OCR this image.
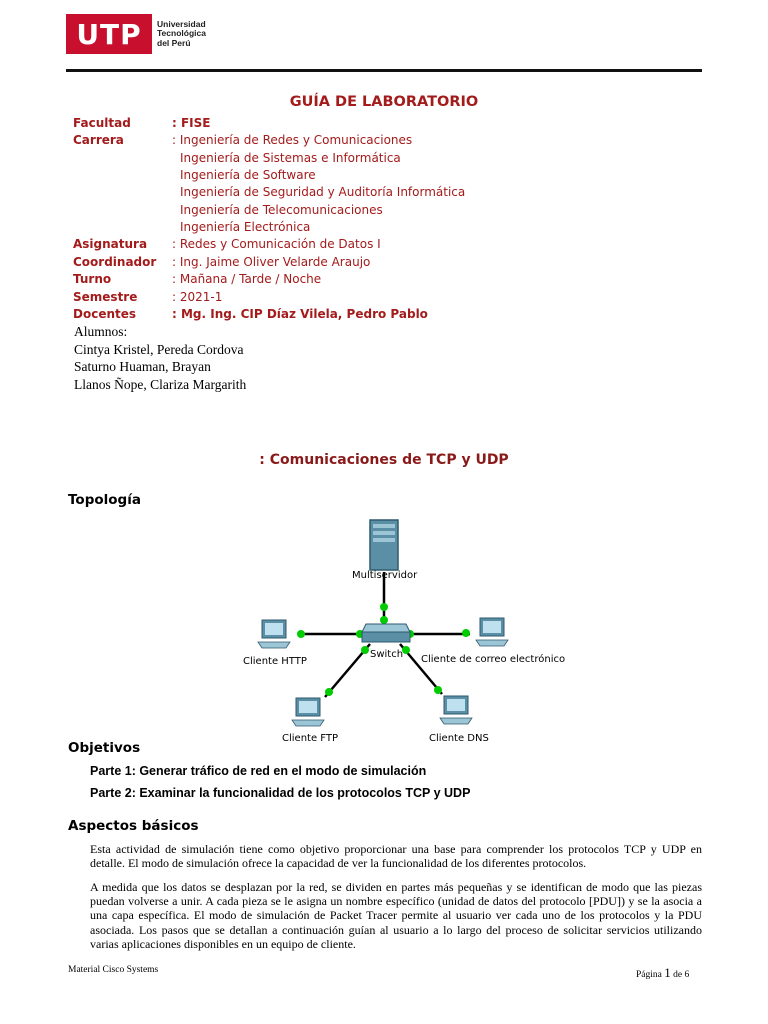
UTP	Universidad
Tecnológica
del Perú
GUÍA DE LABORATORIO
Facultad	: FISE
Carrera	: Ingeniería de Redes y Comunicaciones
Ingeniería de Sistemas e Informática
Ingeniería de Software
Ingeniería de Seguridad y Auditoría Informática
Ingeniería de Telecomunicaciones
Ingeniería Electrónica
Asignatura : Redes y Comunicación de Datos I
Coordinador : Ing. Jaime Oliver Velarde Araujo
Turno	: Mañana / Tarde / Noche
Semestre	: 2021-1
Docentes	: Mg. Ing. CIP Díaz Vilela, Pedro Pablo
Alumnos:
Cintya Kristel, Pereda Cordova
Saturno Huaman, Brayan
Llanos Ñope, Clariza Margarith
: Comunicaciones de TCP y UDP
Topología
Multiservidor
Switch
Cliente HTTP	Cliente de correo electrónico
Cliente FTP	Cliente DNS
Objetivos
Parte 1: Generar tráfico de red en el modo de simulación
Parte 2: Examinar la funcionalidad de los protocolos TCP y UDP
Aspectos básicos
Esta actividad de simulación tiene como objetivo proporcionar una base para comprender los protocolos TCP y UDP en detalle. El modo de simulación ofrece la capacidad de ver la funcionalidad de los diferentes protocolos.
A medida que los datos se desplazan por la red, se dividen en partes más pequeñas y se identifican de modo que las piezas puedan volverse a unir. A cada pieza se le asigna un nombre específico (unidad de datos del protocolo [PDU]) y se la asocia a una capa específica. El modo de simulación de Packet Tracer permite al usuario ver cada uno de los protocolos y la PDU asociada. Los pasos que se detallan a continuación guían al usuario a lo largo del proceso de solicitar servicios utilizando varias aplicaciones disponibles en un equipo de cliente.
Material Cisco Systems	Página 1 de 6
